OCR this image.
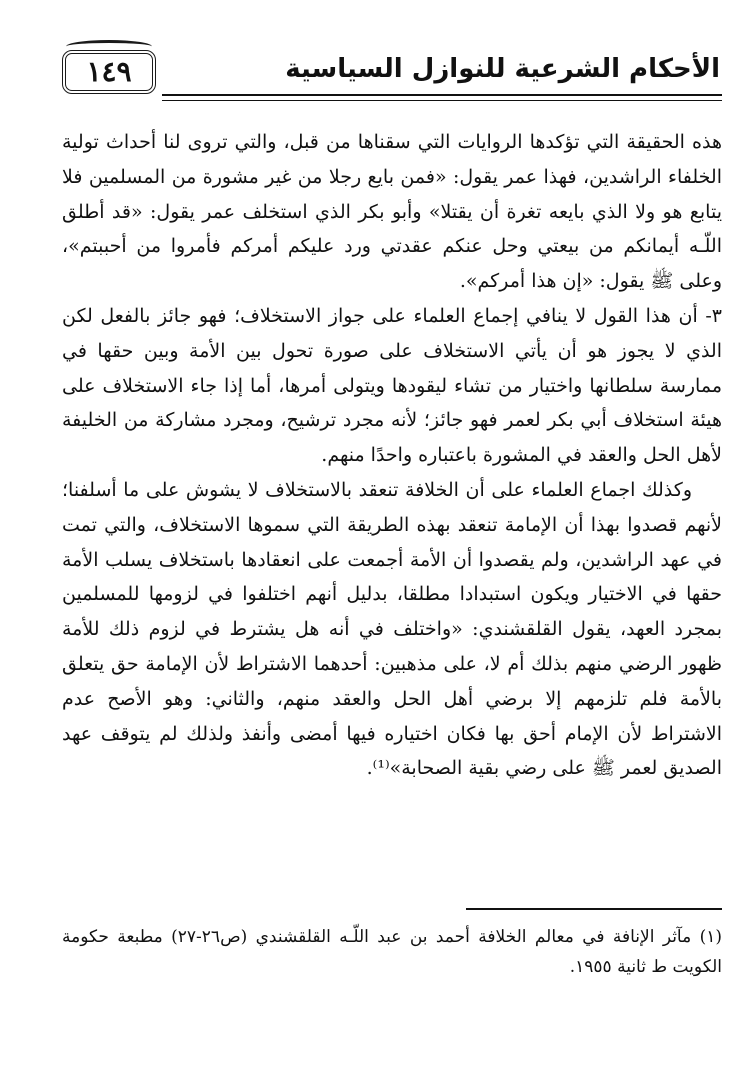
١٤٩	الأحكام الشرعية للنوازل السياسية

هذه الحقيقة التي تؤكدها الروايات التي سقناها من قبل، والتي تروى لنا أحداث تولية الخلفاء الراشدين، فهذا عمر يقول: «فمن بايع رجلا من غير مشورة من المسلمين فلا يتابع هو ولا الذي بايعه تغرة أن يقتلا» وأبو بكر الذي استخلف عمر يقول: «قد أطلق اللّـه أيمانكم من بيعتي وحل عنكم عقدتي ورد عليكم أمركم فأمروا من أحببتم»، وعلى ﷺ يقول: «إن هذا أمركم».

٣- أن هذا القول لا ينافي إجماع العلماء على جواز الاستخلاف؛ فهو جائز بالفعل لكن الذي لا يجوز هو أن يأتي الاستخلاف على صورة تحول بين الأمة وبين حقها في ممارسة سلطانها واختيار من تشاء ليقودها ويتولى أمرها، أما إذا جاء الاستخلاف على هيئة استخلاف أبي بكر لعمر فهو جائز؛ لأنه مجرد ترشيح، ومجرد مشاركة من الخليفة لأهل الحل والعقد في المشورة باعتباره واحدًا منهم.

وكذلك اجماع العلماء على أن الخلافة تنعقد بالاستخلاف لا يشوش على ما أسلفنا؛ لأنهم قصدوا بهذا أن الإمامة تنعقد بهذه الطريقة التي سموها الاستخلاف، والتي تمت في عهد الراشدين، ولم يقصدوا أن الأمة أجمعت على انعقادها باستخلاف يسلب الأمة حقها في الاختيار ويكون استبدادا مطلقا، بدليل أنهم اختلفوا في لزومها للمسلمين بمجرد العهد، يقول القلقشندي: «واختلف في أنه هل يشترط في لزوم ذلك للأمة ظهور الرضي منهم بذلك أم لا، على مذهبين: أحدهما الاشتراط لأن الإمامة حق يتعلق بالأمة فلم تلزمهم إلا برضي أهل الحل والعقد منهم، والثاني: وهو الأصح عدم الاشتراط لأن الإمام أحق بها فكان اختياره فيها أمضى وأنفذ ولذلك لم يتوقف عهد الصديق لعمر ﷺ على رضي بقية الصحابة»⁽¹⁾.

(١) مآثر الإنافة في معالم الخلافة أحمد بن عبد اللّـه القلقشندي (ص٢٦-٢٧) مطبعة حكومة الكويت ط ثانية ١٩٥٥.
